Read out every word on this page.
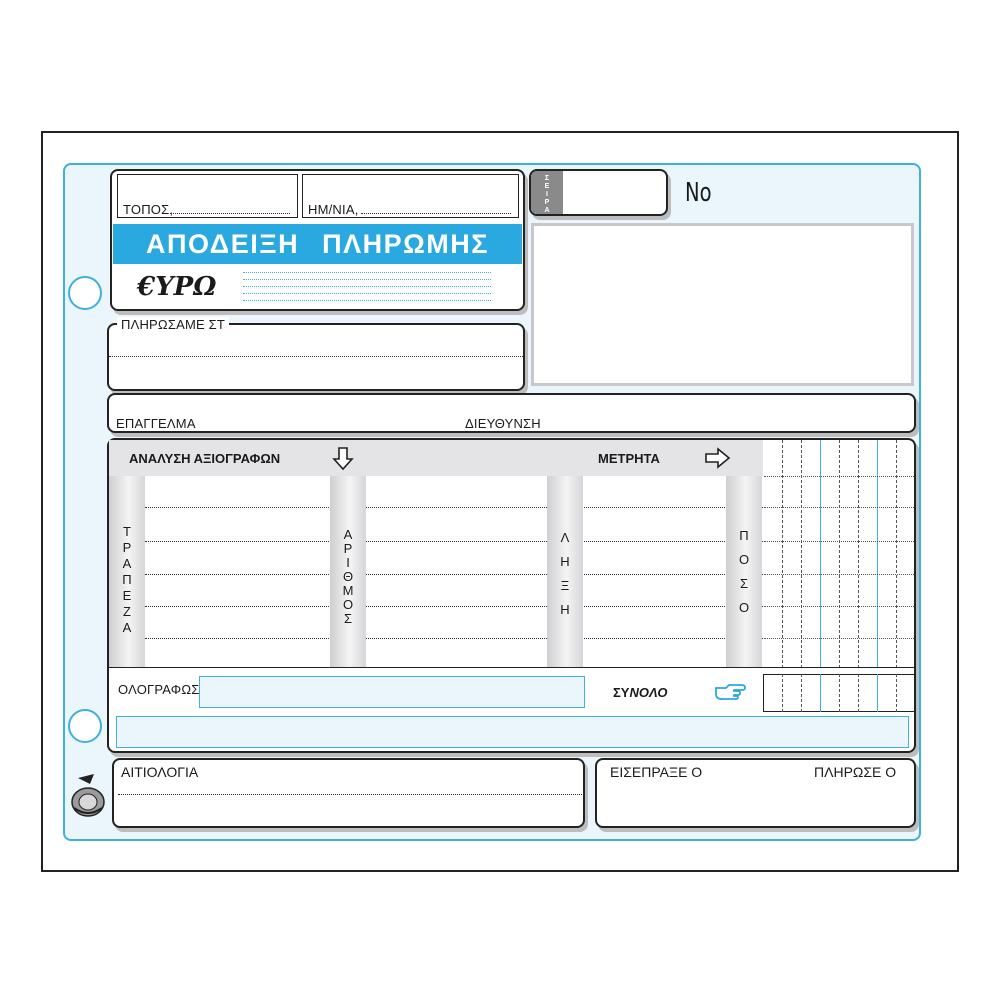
ΤΟΠΟΣ,	ΗΜ/ΝΙΑ,
ΑΠΟΔΕΙΞΗ ΠΛΗΡΩΜΗΣ
€ΥΡΩ
Σ
Ε
Ι
Ρ
Α
No
ΠΛΗΡΩΣΑΜΕ ΣΤ
ΕΠΑΓΓΕΛΜΑ	ΔΙΕΥΘΥΝΣΗ
ΑΝΑΛΥΣΗ ΑΞΙΟΓΡΑΦΩΝ	ΜΕΤΡΗΤΑ
Τ
Ρ
Α
Π
Ε
Ζ
Α
Α
Ρ
Ι
Θ
Μ
Ο
Σ
Λ
Η
Ξ
Η
Π
Ο
Σ
Ο
ΟΛΟΓΡΑΦΩΣ	ΣΥΝΟΛΟ
ΑΙΤΙΟΛΟΓΙΑ	ΕΙΣΕΠΡΑΞΕ Ο	ΠΛΗΡΩΣΕ Ο
